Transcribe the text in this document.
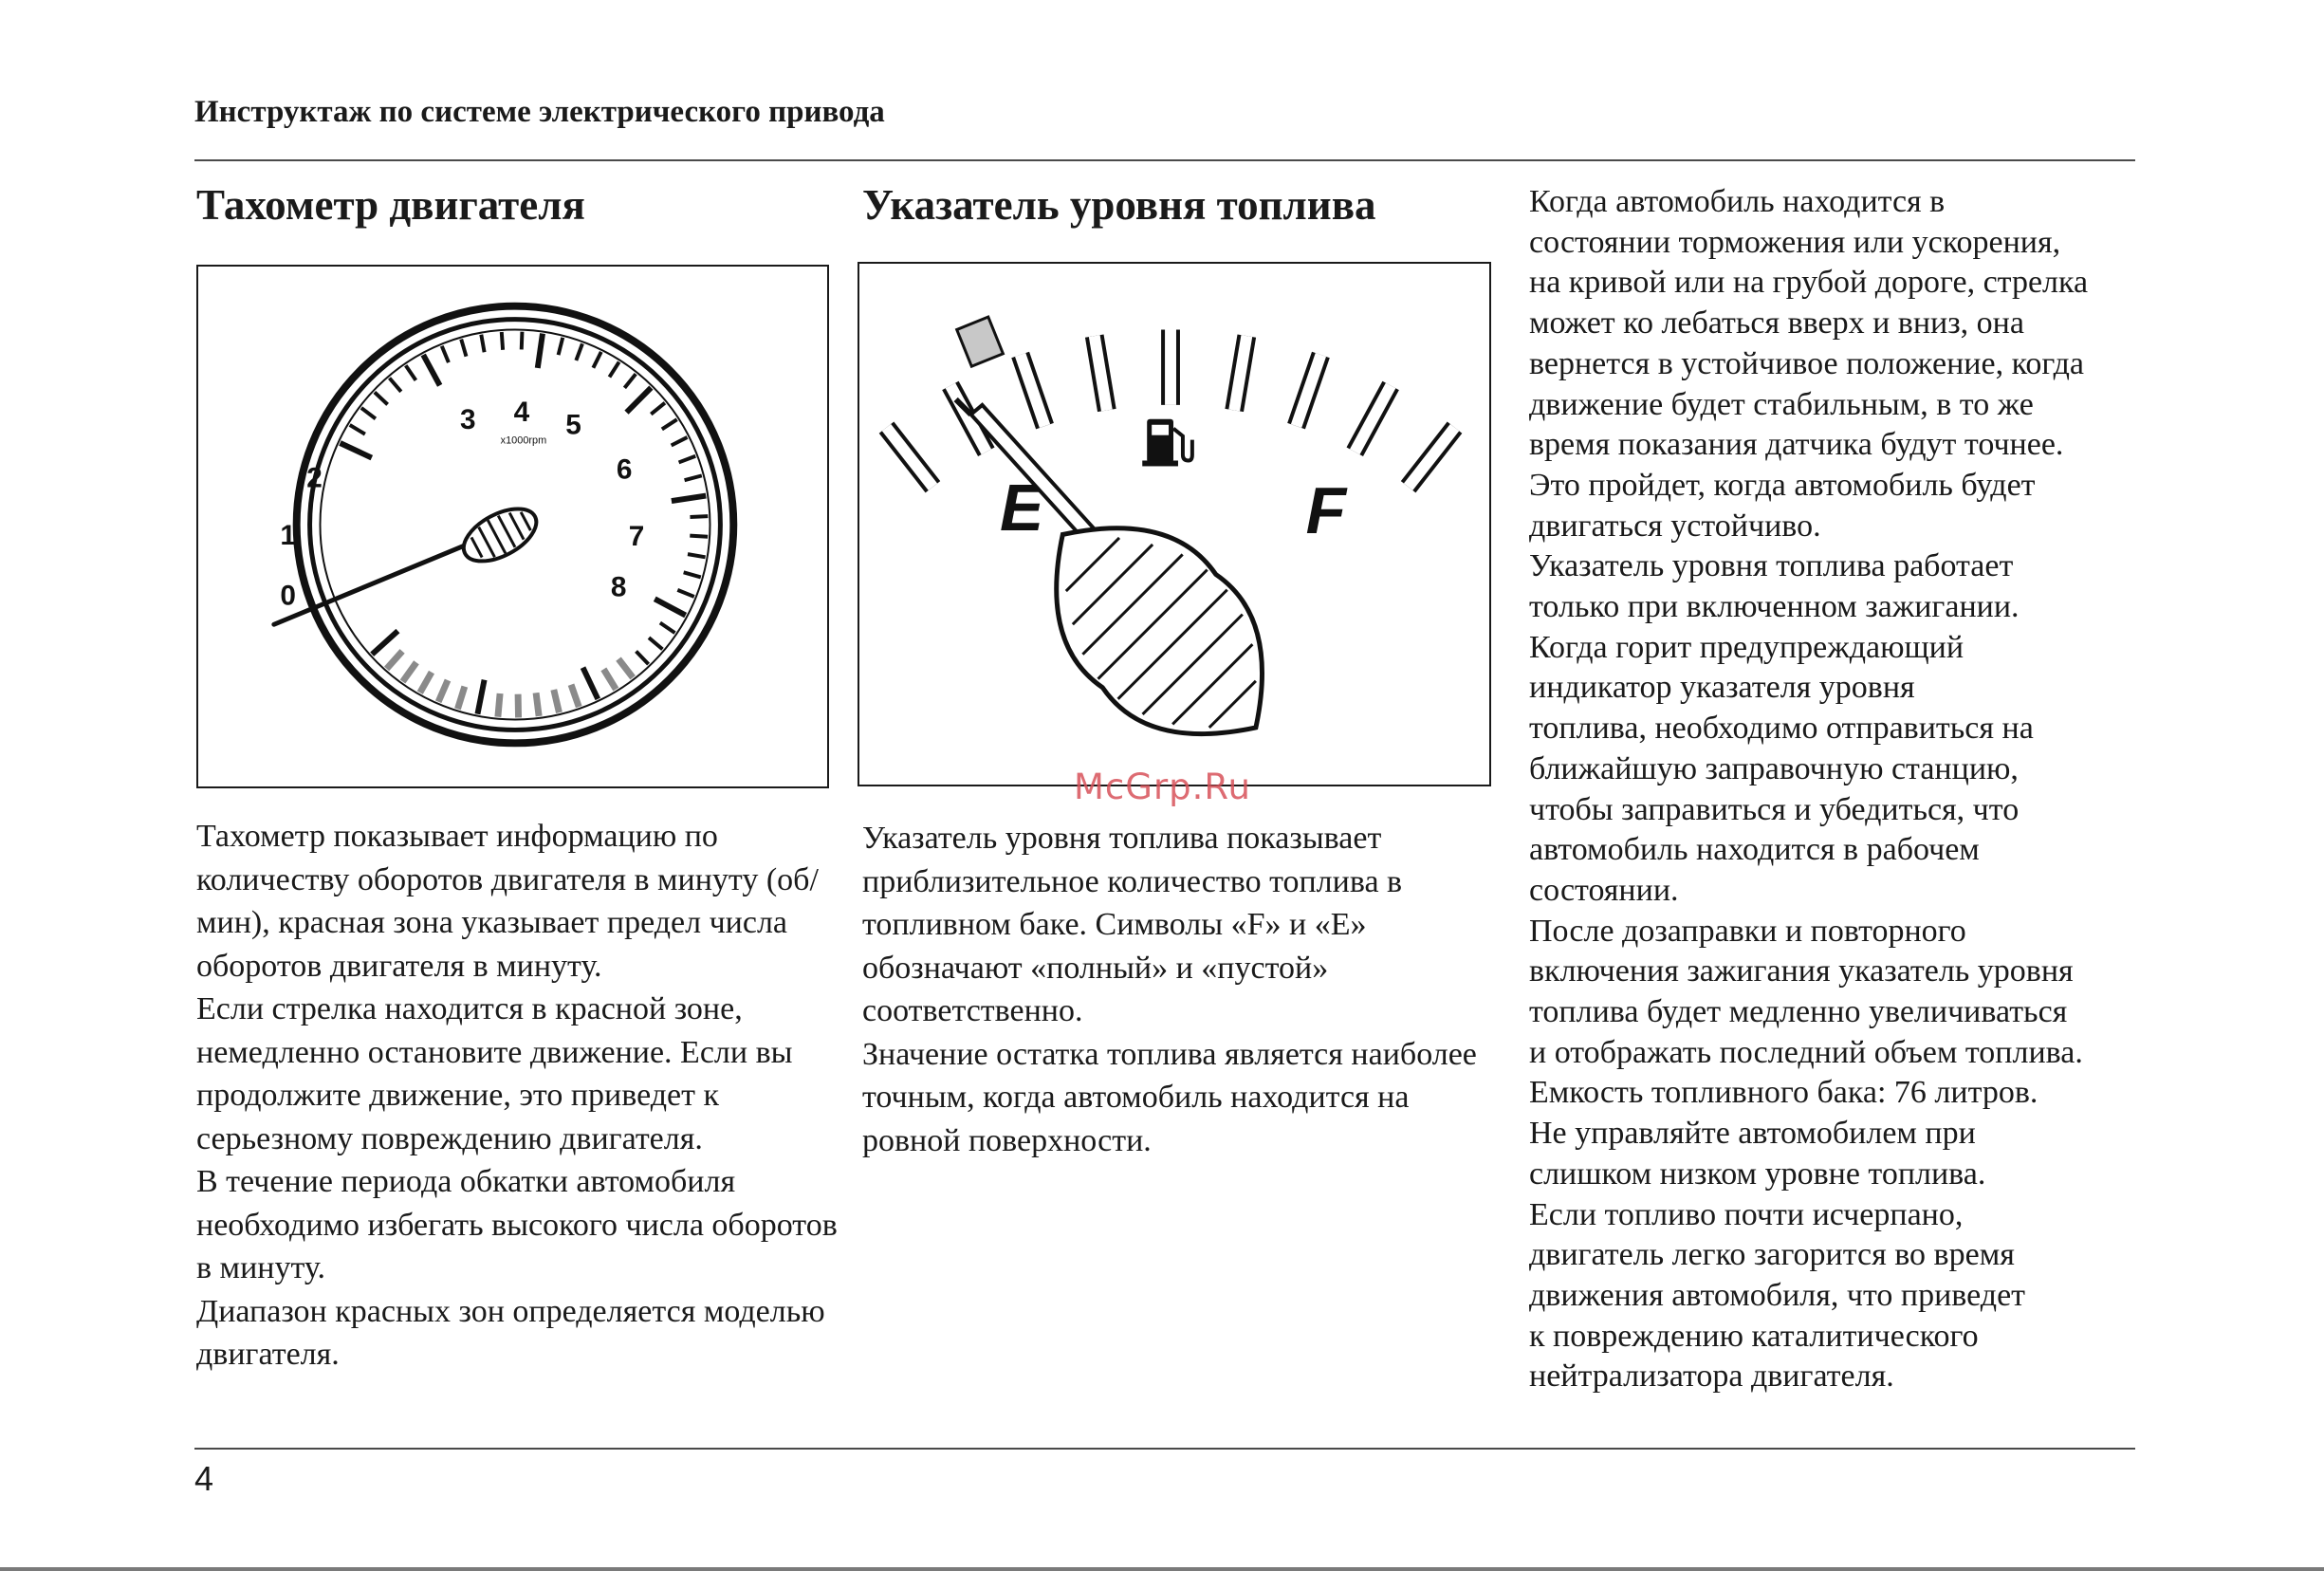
Инструктаж по системе электрического привода
Тахометр двигателя
0
1
2
3 4 5
6
7
8
x1000rpm

Тахометр показывает информацию по количеству оборотов двигателя в минуту (об/мин), красная зона указывает предел числа оборотов двигателя в минуту.

Если стрелка находится в красной зоне, немедленно остановите движение. Если вы продолжите движение, это приведет к серьезному повреждению двигателя.

В течение периода обкатки автомобиля необходимо избегать высокого числа оборотов в минуту.

Диапазон красных зон определяется моделью двигателя.

Указатель уровня топлива
E	F

Указатель уровня топлива показывает приблизительное количество топлива в топливном баке. Символы «F» и «E» обозначают «полный» и «пустой» соответственно.

Значение остатка топлива является наиболее точным, когда автомобиль находится на ровной поверхности.

Когда автомобиль находится в
состоянии торможения или ускорения,
на кривой или на грубой дороге, стрелка
может ко лебаться вверх и вниз, она
вернется в устойчивое положение, когда
движение будет стабильным, в то же
время показания датчика будут точнее.
Это пройдет, когда автомобиль будет
двигаться устойчиво.
Указатель уровня топлива работает
только при включенном зажигании.
Когда горит предупреждающий
индикатор указателя уровня
топлива, необходимо отправиться на
ближайшую заправочную станцию,
чтобы заправиться и убедиться, что
автомобиль находится в рабочем
состоянии.
После дозаправки и повторного
включения зажигания указатель уровня
топлива будет медленно увеличиваться
и отображать последний объем топлива.
Емкость топливного бака: 76 литров.
Не управляйте автомобилем при
слишком низком уровне топлива.
Если топливо почти исчерпано,
двигатель легко загорится во время
движения автомобиля, что приведет
к повреждению каталитического
нейтрализатора двигателя.
McGrp.Ru
4
